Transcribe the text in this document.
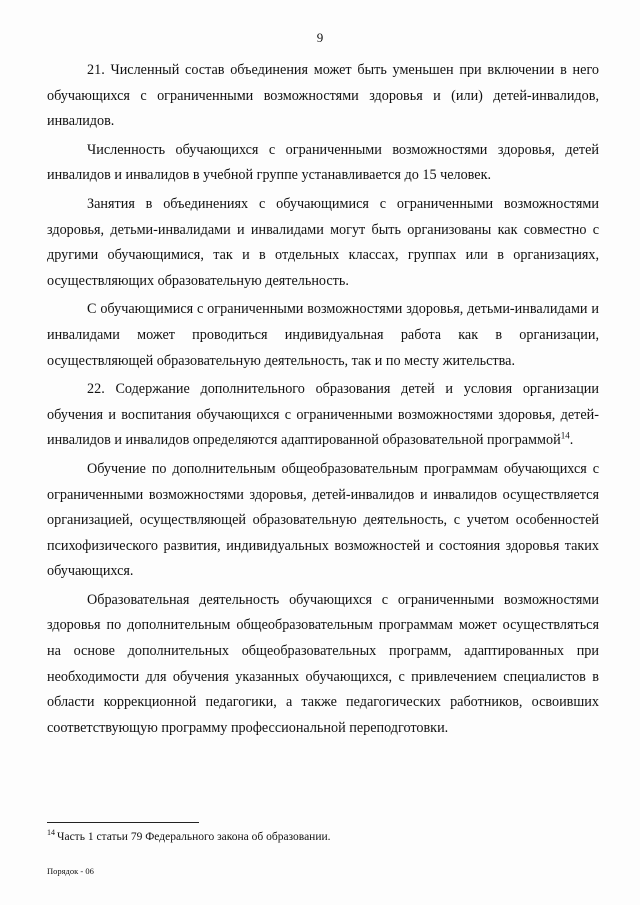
9

21. Численный состав объединения может быть уменьшен при включении в него обучающихся с ограниченными возможностями здоровья и (или) детей-инвалидов, инвалидов.

Численность обучающихся с ограниченными возможностями здоровья, детей инвалидов и инвалидов в учебной группе устанавливается до 15 человек.

Занятия в объединениях с обучающимися с ограниченными возможностями здоровья, детьми-инвалидами и инвалидами могут быть организованы как совместно с другими обучающимися, так и в отдельных классах, группах или в организациях, осуществляющих образовательную деятельность.

С обучающимися с ограниченными возможностями здоровья, детьми-инвалидами и инвалидами может проводиться индивидуальная работа как в организации, осуществляющей образовательную деятельность, так и по месту жительства.

22. Содержание дополнительного образования детей и условия организации обучения и воспитания обучающихся с ограниченными возможностями здоровья, детей-инвалидов и инвалидов определяются адаптированной образовательной программой$^{14}$.

Обучение по дополнительным общеобразовательным программам обучающихся с ограниченными возможностями здоровья, детей-инвалидов и инвалидов осуществляется организацией, осуществляющей образовательную деятельность, с учетом особенностей психофизического развития, индивидуальных возможностей и состояния здоровья таких обучающихся.

Образовательная деятельность обучающихся с ограниченными возможностями здоровья по дополнительным общеобразовательным программам может осуществляться на основе дополнительных общеобразовательных программ, адаптированных при необходимости для обучения указанных обучающихся, с привлечением специалистов в области коррекционной педагогики, а также педагогических работников, освоивших соответствующую программу профессиональной переподготовки.

$^{14}$ Часть 1 статьи 79 Федерального закона об образовании.
Порядок - 06
